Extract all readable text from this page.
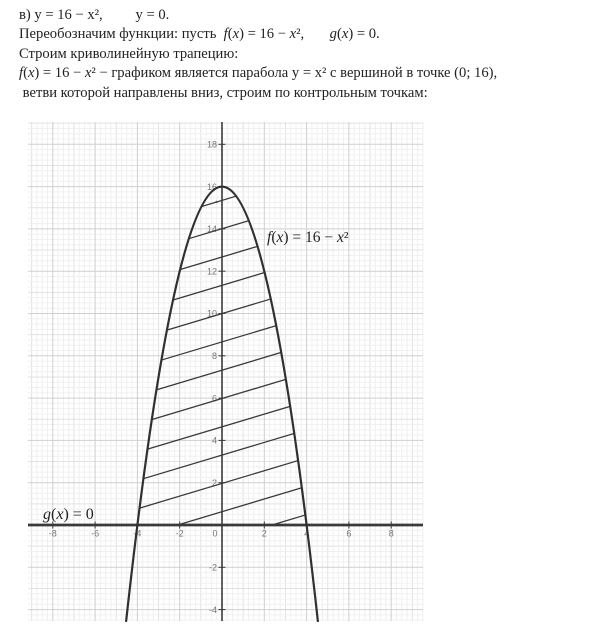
в) y = 16 − x², y = 0.
Переобозначим функции: пусть  f(x) = 16 − x², g(x) = 0.
Строим криволинейную трапецию:
f(x) = 16 − x² − графиком является парабола y = x² с вершиной в точке (0; 16),
ветви которой направлены вниз, строим по контрольным точкам:
-8	-6	-4	-2	0	2	4	6	8
18
16
14
12
10
8
6
4
2
-2
-4
f(x) = 16 − x²
g(x) = 0
